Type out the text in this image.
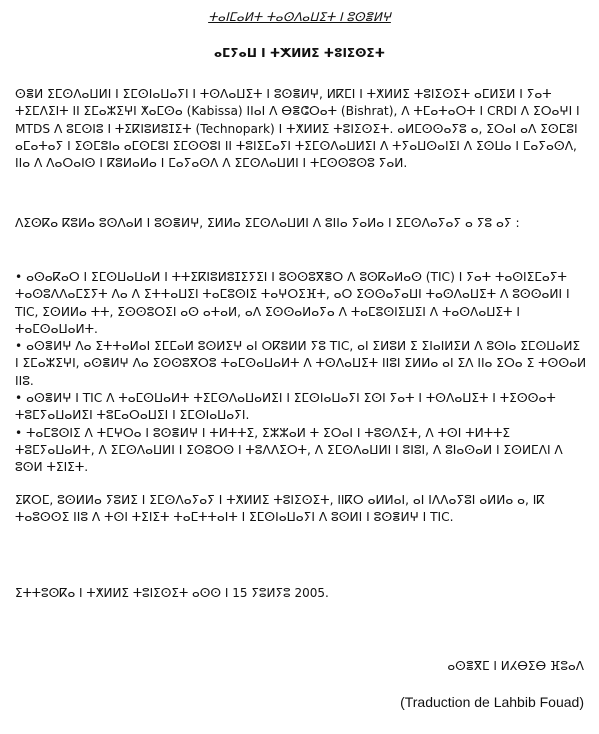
ⵜⴰⵏⵎⴰⵍⵜ ⵜⴰⵙⴷⴰⵡⵉⵜ ⵏ ⵓⵙⴻⵍⵖ
ⴰⵎⵢⴰⵡ ⵏ ⵜⵅⵍⵍⵉ ⵜⵓⵏⵉⵙⵉⵜ
ⵙⴻⵍ ⵉⵎⵙⴷⴰⵡⵍⵏ ⵏ ⵉⵎⵙⵏⴰⵡⴰⵢⵏ ⵏ ⵜⵙⴷⴰⵡⵉⵜ ⵏ ⵓⵙⴻⵍⵖ, ⵍⴽⵎⵏ ⵏ ⵜⵅⵍⵍⵉ ⵜⵓⵏⵉⵙⵉⵜ ⴰⵎⵍⵉⵍ ⵏ ⵢⴰⵜ ⵜⵉⵎⴷⵉⵏⵜ ⵏⵏ ⵉⵎⴰⵣⵉⵖⵏ ⵅⴰⵎⵙⴰ (Kabissa) ⵏⵏⴰⵏ ⴷ ⴱⴻⵛⵔⴰⵜ (Bishrat), ⴷ ⵜⵎⴰⵜⴰⵔⵜ ⵏ CRDI ⴷ ⵉⵔⴰⵖⵏ ⵏ MTDS ⴷ ⵓⵎⵙⵏⵓ ⵏ ⵜⵉⴽⵏⵓⵍⵓⵊⵉⵜ (Technopark) ⵏ ⵜⵅⵍⵍⵉ ⵜⵓⵏⵉⵙⵉⵜ. ⴰⵍⵎⵙⵙⴰⵢⵓ ⴰ, ⵉⵔⴰⵏ ⴰⴷ ⵉⵙⵎⵓⵏ ⴰⵎⴰⵜⴰⵢ ⵏ ⵉⵙⵎⵓⵏⴰ ⴰⵎⵙⵎⵓⵏ ⵉⵎⵙⵙⵓⵏ ⵏⵏ ⵜⵓⵏⵉⵎⴰⵢⵏ ⵜⵉⵎⵙⴷⴰⵡⵍⵉⵏ ⴷ ⵜⵢⴰⵡⵙⴰⵏⵉⵏ ⴷ ⵉⵙⵡⴰ ⵏ ⵎⴰⵢⴰⵙⴷ, ⵏⵏⴰ ⴷ ⴷⴰⵔⴰⵏⵙ ⵏ ⴽⵓⵍⴰⵍⴰ ⵏ ⵎⴰⵢⴰⵙⴷ ⴷ ⵉⵎⵙⴷⴰⵡⵍⵏ ⵏ ⵜⵎⵙⵙⵓⵙⵓ ⵢⴰⵍ.
ⴷⵉⵙⴽⴰ ⴽⵓⵍⴰ ⵓⵙⴷⴰⵍ ⵏ ⵓⵙⴻⵍⵖ, ⵉⵍⵍⴰ ⵉⵎⵙⴷⴰⵡⵍⵏ ⴷ ⵓⵏⵏⴰ ⵢⴰⵍⴰ ⵏ ⵉⵎⵙⴷⴰⵢⴰⵢ ⴰ ⵢⵓ ⴰⵢ :
• ⴰⵙⴰⴽⴰⵔ ⵏ ⵉⵎⵙⵡⴰⵡⴰⵍ ⵏ ⵜⵜⵉⴽⵏⵓⵍⵓⵊⵉⵢⵉⵏ ⵏ ⵓⵙⵙⵓⴳⴻⵔ ⴷ ⵓⵙⴽⴰⵍⴰⵙ (TIC) ⵏ ⵢⴰⵜ ⵜⴰⵙⵏⵉⵎⴰⵢⵜ ⵜⴰⵙⵓⴷⴷⴰⵎⵉⵢⵜ ⴷⴰ ⴷ ⵉⵜⵜⴰⵡⵉⵏ ⵜⴰⵎⵓⵙⵏⵉ ⵜⴰⵖⵔⵉⴼⵜ, ⴰⵔ ⵉⵙⵙⴰⵢⴰⵡⵏ ⵜⴰⵙⴷⴰⵡⵉⵜ ⴷ ⵓⵙⵙⴰⵍⵏ ⵏ TIC, ⵉⵙⵍⵍⴰ ⵜⵜ, ⵉⵙⵙⵓⵔⵉⵏ ⴰⵙ ⴰⵜⴰⵍ, ⴰⴷ ⵉⵙⵙⴰⵍⴰⵢⴰ ⴷ ⵜⴰⵎⵓⵙⵏⵉⵡⵉⵏ ⴷ ⵜⴰⵙⴷⴰⵡⵉⵜ ⵏ ⵜⴰⵎⵙⴰⵡⴰⵍⵜ.
• ⴰⵙⴻⵍⵖ ⴷⴰ ⵉⵜⵜⴰⵍⴰⵏ ⵉⵎⵎⴰⵍ ⵓⵙⵍⵉⵖ ⴰⵏ ⵔⴽⵓⵍⵍ ⵢⵓ TIC, ⴰⵏ ⵉⵍⵓⵍ ⵉ ⵉⵏⴰⵏⵍⵉⵍ ⴷ ⵓⵙⵏⴰ ⵉⵎⵙⵡⴰⵍⵉ ⵏ ⵉⵎⴰⵣⵉⵖⵏ, ⴰⵙⴻⵍⵖ ⴷⴰ ⵉⵙⵙⵓⴳⵔⵓ ⵜⴰⵎⵙⴰⵡⴰⵍⵜ ⴷ ⵜⵙⴷⴰⵡⵉⵜ ⵏⵏⵓⵏ ⵉⵍⵍⴰ ⴰⵏ ⵉⴷ ⵏⵏⴰ ⵉⵔⴰ ⵉ ⵜⵙⵙⴰⵍ ⵏⵏⵓ.
• ⴰⵙⴻⵍⵖ ⵏ TIC ⴷ ⵜⴰⵎⵙⵡⴰⵍⵜ ⵜⵉⵎⵙⴷⴰⵡⴰⵍⵉⵏ ⵏ ⵉⵎⵙⵏⴰⵡⴰⵢⵏ ⵉⵙⵏ ⵢⴰⵜ ⵏ ⵜⵙⴷⴰⵡⵉⵜ ⵏ ⵜⵉⵙⵙⴰⵜ ⵜⵓⵎⵢⴰⵡⴰⵍⵉⵏ ⵜⵓⵎⴰⵔⴰⵡⵉⵏ ⵏ ⵉⵎⵙⵏⴰⵡⴰⵢⵏ.
• ⵜⴰⵎⵓⵙⵏⵉ ⴷ ⵜⵎⵖⵔⴰ ⵏ ⵓⵙⴻⵍⵖ ⵏ ⵜⵍⵜⵜⵉ, ⵉⵣⵣⴰⵍ ⵜ ⵉⵔⴰⵏ ⵏ ⵜⵓⵙⴷⵉⵜ, ⴷ ⵜⵙⵏ ⵜⵍⵜⵜⵉ ⵜⵓⵎⵢⴰⵡⴰⵍⵜ, ⴷ ⵉⵎⵙⴷⴰⵡⵍⵏ ⵏ ⵉⵙⵓⵔⵙ ⵏ ⵜⵓⴷⴷⵉⵔⵜ, ⴷ ⵉⵎⵙⴷⴰⵡⵍⵏ ⵏ ⵓⵏⵓⵏ, ⴷ ⵓⵏⴰⵙⴰⵍ ⵏ ⵉⵙⵍⵎⴷⵏ ⴷ ⵓⵙⵍ ⵜⵉⵏⵉⵜ.
ⵉⴽⵔⵎ, ⵓⵙⵍⵍⴰ ⵢⵓⵍⵉ ⵏ ⵉⵎⵙⴷⴰⵢⴰⵢ ⵏ ⵜⵅⵍⵍⵉ ⵜⵓⵏⵉⵙⵉⵜ, ⵏⵏⴽⵔ ⴰⵍⵍⴰⵏ, ⴰⵏ ⵏⴷⴷⴰⵢⵓⵏ ⴰⵍⵍⴰ ⴰ, ⵏⴽ ⵜⴰⵓⵙⵙⵉ ⵏⵏⵓ ⴷ ⵜⵙⵏ ⵜⵉⵏⵉⵜ ⵜⴰⵎⵜⵜⴰⵏⵜ ⵏ ⵉⵎⵙⵏⴰⵡⴰⵢⵏ ⴷ ⵓⵙⵍⵏ ⵏ ⵓⵙⴻⵍⵖ ⵏ TIC.
ⵉⵜⵜⵓⵙⴽⴰ ⵏ ⵜⵅⵍⵍⵉ ⵜⵓⵏⵉⵙⵉⵜ ⴰⵙⵙ ⵏ 15 ⵢⵓⵍⵢⵓ 2005.
ⴰⵙⴻⴳⵎ ⵏ ⵍⵃⴱⵉⴱ ⴼⵓⴰⴷ
(Traduction de Lahbib Fouad)
